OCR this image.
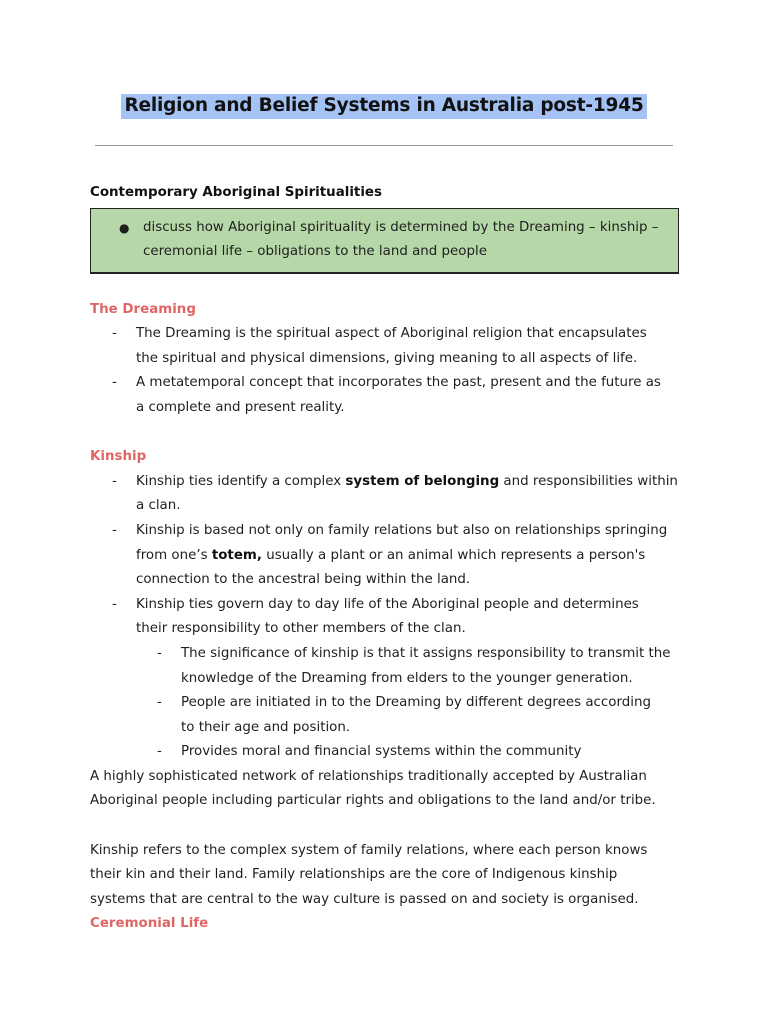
Religion and Belief Systems in Australia post-1945
Contemporary Aboriginal Spiritualities
● discuss how Aboriginal spirituality is determined by the Dreaming – kinship –
ceremonial life – obligations to the land and people
The Dreaming
-	The Dreaming is the spiritual aspect of Aboriginal religion that encapsulates
the spiritual and physical dimensions, giving meaning to all aspects of life.
-	A metatemporal concept that incorporates the past, present and the future as
a complete and present reality.
Kinship
-	Kinship ties identify a complex system of belonging and responsibilities within
a clan.
-	Kinship is based not only on family relations but also on relationships springing
from one’s totem, usually a plant or an animal which represents a person's
connection to the ancestral being within the land.
-	Kinship ties govern day to day life of the Aboriginal people and determines
their responsibility to other members of the clan.
-	The significance of kinship is that it assigns responsibility to transmit the
knowledge of the Dreaming from elders to the younger generation.
-	People are initiated in to the Dreaming by different degrees according
to their age and position.
-	Provides moral and financial systems within the community
A highly sophisticated network of relationships traditionally accepted by Australian
Aboriginal people including particular rights and obligations to the land and/or tribe.
Kinship refers to the complex system of family relations, where each person knows
their kin and their land. Family relationships are the core of Indigenous kinship
systems that are central to the way culture is passed on and society is organised.
Ceremonial Life
